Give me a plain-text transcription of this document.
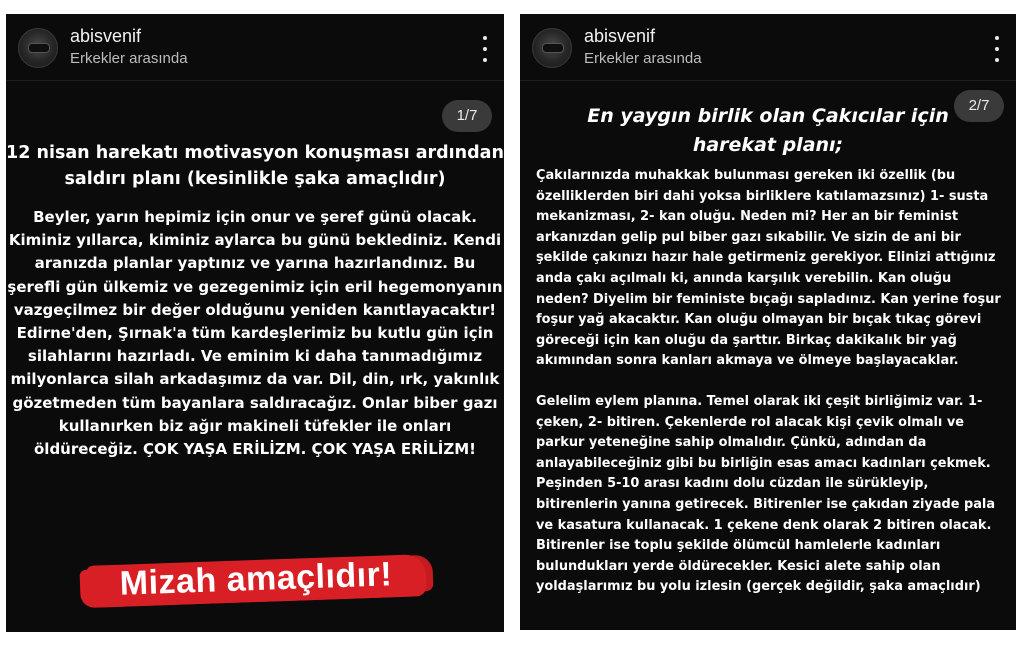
abisvenif
Erkekler arasında
1/7
12 nisan harekatı motivasyon konuşması ardından saldırı planı (kesinlikle şaka amaçlıdır)
Beyler, yarın hepimiz için onur ve şeref günü olacak. Kiminiz yıllarca, kiminiz aylarca bu günü beklediniz. Kendi aranızda planlar yaptınız ve yarına hazırlandınız. Bu şerefli gün ülkemiz ve gezegenimiz için eril hegemonyanın vazgeçilmez bir değer olduğunu yeniden kanıtlayacaktır! Edirne'den, Şırnak'a tüm kardeşlerimiz bu kutlu gün için silahlarını hazırladı. Ve eminim ki daha tanımadığımız milyonlarca silah arkadaşımız da var. Dil, din, ırk, yakınlık gözetmeden tüm bayanlara saldıracağız. Onlar biber gazı kullanırken biz ağır makineli tüfekler ile onları öldüreceğiz. ÇOK YAŞA ERİLİZM. ÇOK YAŞA ERİLİZM!
Mizah amaçlıdır!
abisvenif
Erkekler arasında
2/7
En yaygın birlik olan Çakıcılar için harekat planı;

Çakılarınızda muhakkak bulunması gereken iki özellik (bu özelliklerden biri dahi yoksa birliklere katılamazsınız) 1- susta mekanizması, 2- kan oluğu. Neden mi? Her an bir feminist arkanızdan gelip pul biber gazı sıkabilir. Ve sizin de ani bir şekilde çakınızı hazır hale getirmeniz gerekiyor. Elinizi attığınız anda çakı açılmalı ki, anında karşılık verebilin. Kan oluğu neden? Diyelim bir feministe bıçağı sapladınız. Kan yerine foşur foşur yağ akacaktır. Kan oluğu olmayan bir bıçak tıkaç görevi göreceği için kan oluğu da şarttır. Birkaç dakikalık bir yağ akımından sonra kanları akmaya ve ölmeye başlayacaklar.

Gelelim eylem planına. Temel olarak iki çeşit birliğimiz var. 1- çeken, 2- bitiren. Çekenlerde rol alacak kişi çevik olmalı ve parkur yeteneğine sahip olmalıdır. Çünkü, adından da anlayabileceğiniz gibi bu birliğin esas amacı kadınları çekmek. Peşinden 5-10 arası kadını dolu cüzdan ile sürükleyip, bitirenlerin yanına getirecek. Bitirenler ise çakıdan ziyade pala ve kasatura kullanacak. 1 çekene denk olarak 2 bitiren olacak. Bitirenler ise toplu şekilde ölümcül hamlelerle kadınları bulundukları yerde öldürecekler. Kesici alete sahip olan yoldaşlarımız bu yolu izlesin (gerçek değildir, şaka amaçlıdır)
